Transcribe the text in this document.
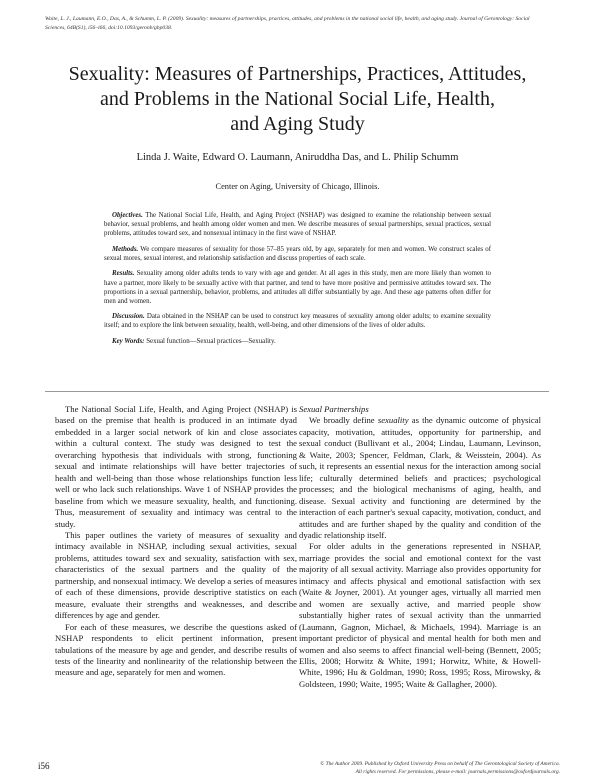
Waite, L. J., Laumann, E.O., Das, A., & Schumm, L. P. (2009). Sexuality: measures of partnerships, practices, attitudes, and problems in the national social life, health, and aging study. Journal of Gerontology: Social Sciences, 64B(S1), i56–i66, doi:10.1093/geronb/gbp038.
Sexuality: Measures of Partnerships, Practices, Attitudes,
and Problems in the National Social Life, Health,
and Aging Study
Linda J. Waite, Edward O. Laumann, Aniruddha Das, and L. Philip Schumm
Center on Aging, University of Chicago, Illinois.

Objectives. The National Social Life, Health, and Aging Project (NSHAP) was designed to examine the relationship between sexual behavior, sexual problems, and health among older women and men. We describe measures of sexual partnerships, sexual practices, sexual problems, attitudes toward sex, and nonsexual intimacy in the first wave of NSHAP.

Methods. We compare measures of sexuality for those 57–85 years old, by age, separately for men and women. We construct scales of sexual mores, sexual interest, and relationship satisfaction and discuss properties of each scale.

Results. Sexuality among older adults tends to vary with age and gender. At all ages in this study, men are more likely than women to have a partner, more likely to be sexually active with that partner, and tend to have more positive and permissive attitudes toward sex. The proportions in a sexual partnership, behavior, problems, and attitudes all differ substantially by age. And these age patterns often differ for men and women.

Discussion. Data obtained in the NSHAP can be used to construct key measures of sexuality among older adults; to examine sexuality itself; and to explore the link between sexuality, health, well-being, and other dimensions of the lives of older adults.

Key Words: Sexual function—Sexual practices—Sexuality.

The National Social Life, Health, and Aging Project (NSHAP) is based on the premise that health is produced in an intimate dyad embedded in a larger social network of kin and close associates within a cultural context. The study was designed to test the overarching hypothesis that individuals with strong, functioning sexual and intimate relationships will have better trajectories of health and well-being than those whose relationships function less well or who lack such relationships. Wave 1 of NSHAP provides the baseline from which we measure sexuality, health, and functioning. Thus, measurement of sexuality and intimacy was central to the study.

This paper outlines the variety of measures of sexuality and intimacy available in NSHAP, including sexual activities, sexual problems, attitudes toward sex and sexuality, satisfaction with sex, characteristics of the sexual partners and the quality of the partnership, and nonsexual intimacy. We develop a series of measures of each of these dimensions, provide descriptive statistics on each measure, evaluate their strengths and weaknesses, and describe differences by age and gender.

For each of these measures, we describe the questions asked of NSHAP respondents to elicit pertinent information, present tabulations of the measure by age and gender, and describe results of tests of the linearity and nonlinearity of the relationship between the measure and age, separately for men and women.

Sexual Partnerships

We broadly define sexuality as the dynamic outcome of physical capacity, motivation, attitudes, opportunity for partnership, and sexual conduct (Bullivant et al., 2004; Lindau, Laumann, Levinson, & Waite, 2003; Spencer, Feldman, Clark, & Weisstein, 2004). As such, it represents an essential nexus for the interaction among social life; culturally determined beliefs and practices; psychological processes; and the biological mechanisms of aging, health, and disease. Sexual activity and functioning are determined by the interaction of each partner's sexual capacity, motivation, conduct, and attitudes and are further shaped by the quality and condition of the dyadic relationship itself.

For older adults in the generations represented in NSHAP, marriage provides the social and emotional context for the vast majority of all sexual activity. Marriage also provides opportunity for intimacy and affects physical and emotional satisfaction with sex (Waite & Joyner, 2001). At younger ages, virtually all married men and women are sexually active, and married people show substantially higher rates of sexual activity than the unmarried (Laumann, Gagnon, Michael, & Michaels, 1994). Marriage is an important predictor of physical and mental health for both men and women and also seems to affect financial well-being (Bennett, 2005; Ellis, 2008; Horwitz & White, 1991; Horwitz, White, & Howell-White, 1996; Hu & Goldman, 1990; Ross, 1995; Ross, Mirowsky, & Goldsteen, 1990; Waite, 1995; Waite & Gallagher, 2000).

i56	© The Author 2009. Published by Oxford University Press on behalf of The Gerontological Society of America.
All rights reserved. For permissions, please e-mail: journals.permissions@oxfordjournals.org.
